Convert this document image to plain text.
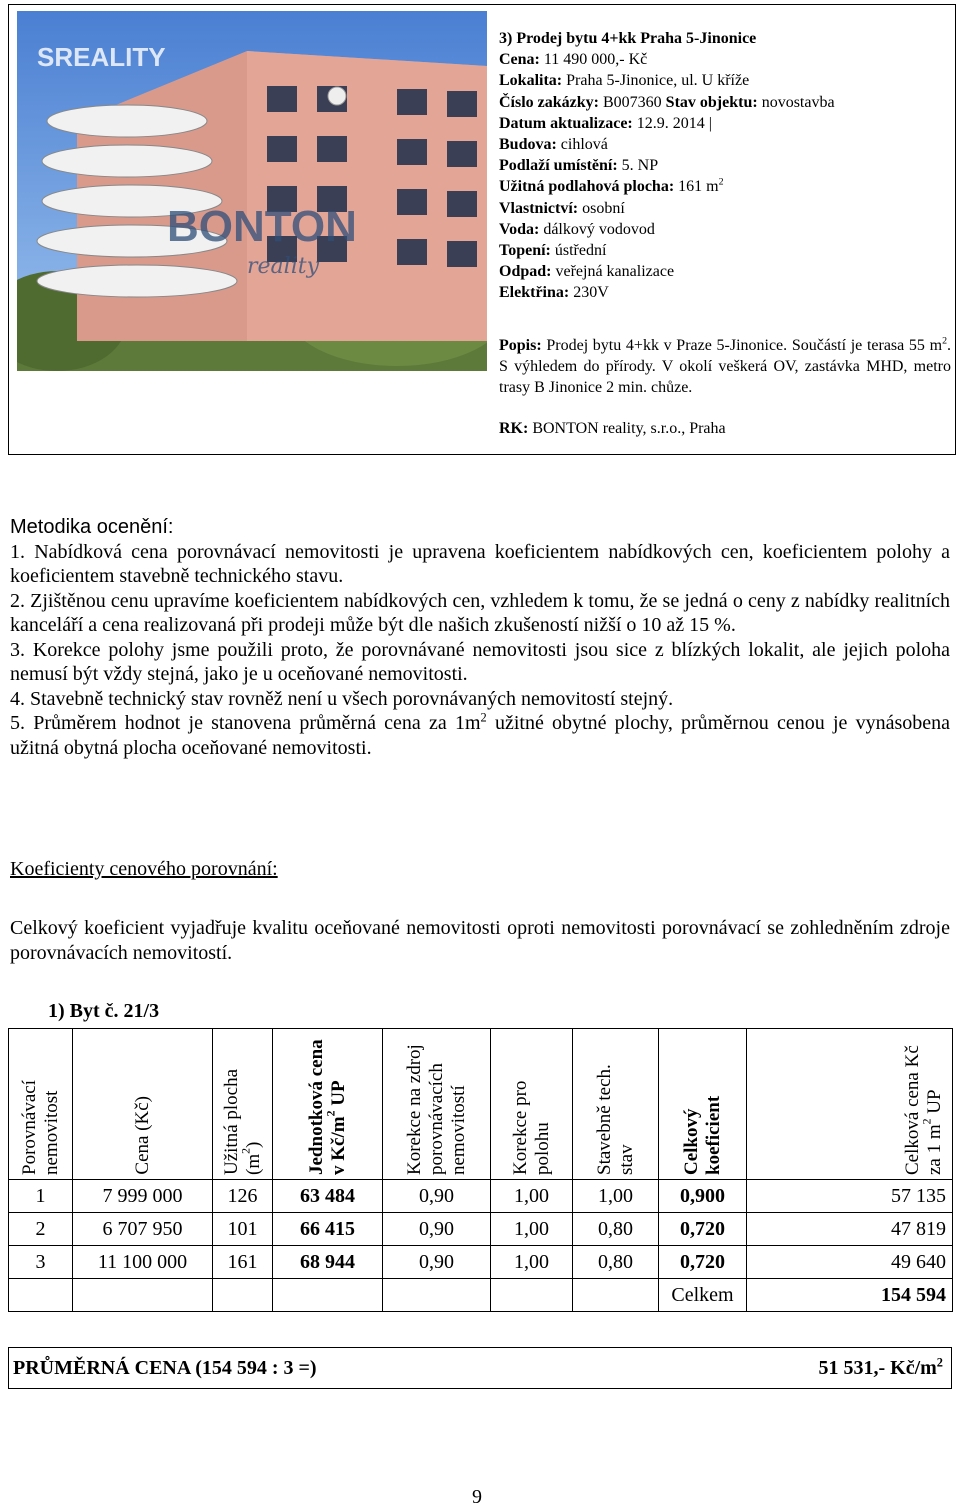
SREALITY
BONTON
reality
3) Prodej bytu 4+kk Praha 5-Jinonice
Cena: 11 490 000,- Kč
Lokalita: Praha 5-Jinonice, ul. U kříže
Číslo zakázky: B007360 Stav objektu: novostavba
Datum aktualizace: 12.9. 2014 |
Budova: cihlová
Podlaží umístění: 5. NP
Užitná podlahová plocha: 161 $m^2$
Vlastnictví: osobní
Voda: dálkový vodovod
Topení: ústřední
Odpad: veřejná kanalizace
Elektřina: 230V
Popis: Prodej bytu 4+kk v Praze 5-Jinonice. Součástí je terasa 55 $m^2$. S výhledem do přírody. V okolí veškerá OV, zastávka MHD, metro trasy B Jinonice 2 min. chůze.
RK: BONTON reality, s.r.o., Praha
Metodika ocenění:

1. Nabídková cena porovnávací nemovitosti je upravena koeficientem nabídkových cen, koeficientem polohy a koeficientem stavebně technického stavu.

2. Zjištěnou cenu upravíme koeficientem nabídkových cen, vzhledem k tomu, že se jedná o ceny z nabídky realitních kanceláří a cena realizovaná při prodeji může být dle našich zkušeností nižší o 10 až 15 %.

3. Korekce polohy jsme použili proto, že porovnávané nemovitosti jsou sice z blízkých lokalit, ale jejich poloha nemusí být vždy stejná, jako je u oceňované nemovitosti.

4. Stavebně technický stav rovněž není u všech porovnávaných nemovitostí stejný.

5. Průměrem hodnot je stanovena průměrná cena za $1m^2$ užitné obytné plochy, průměrnou cenou je vynásobena užitná obytná plocha oceňované nemovitosti.

Koeficienty cenového porovnání:
Celkový koeficient vyjadřuje kvalitu oceňované nemovitosti oproti nemovitosti porovnávací se zohledněním zdroje porovnávacích nemovitostí.
1) Byt č. 21/3
Porovnávací nemovitost	Cena (Kč)	Užitná plocha $(m^2)$	Jednotková cena v $Kč/m^2$ UP	Korekce na zdroj porovnávacích nemovitostí	Korekce pro polohu	Stavebně tech. stav	Celkový koeficient	Celková cena Kč za 1 $m^2$ UP

1	7 999 000	126	63 484	0,90	1,00	1,00	0,900	57 135
2	6 707 950	101	66 415	0,90	1,00	0,80	0,720	47 819
3	11 100 000	161	68 944	0,90	1,00	0,80	0,720	49 640
							Celkem	154 594
PRŮMĚRNÁ CENA (154 594 : 3 =)	51 531,- $Kč/m^2$
9
